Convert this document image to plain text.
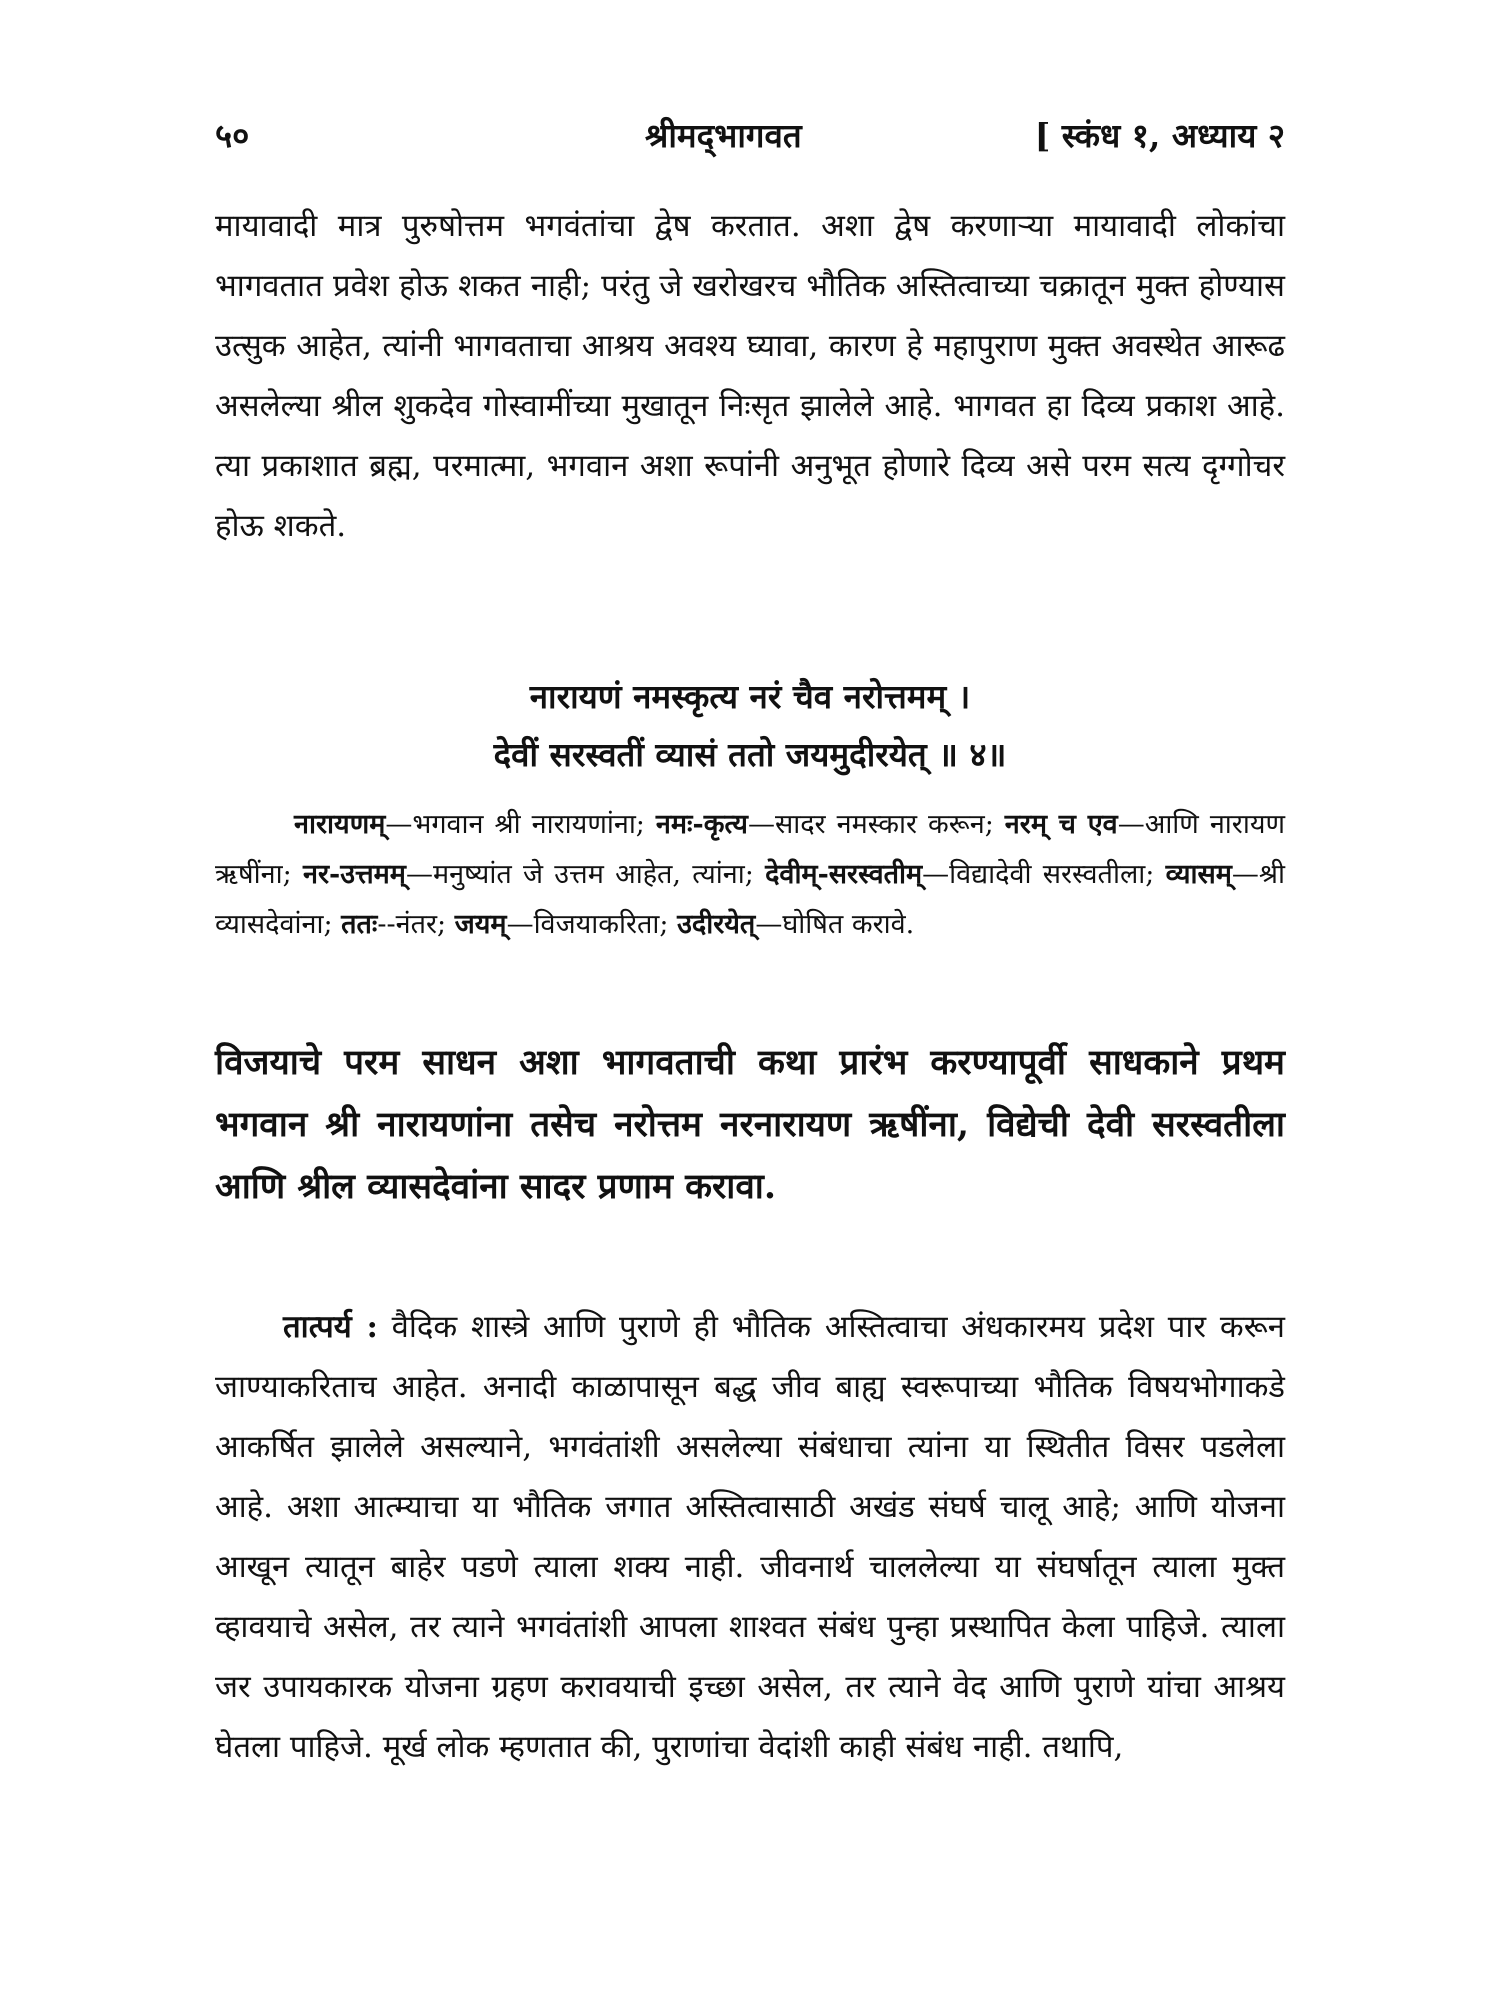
५०	श्रीमद्‌भागवत	[ स्कंध १, अध्याय २
मायावादी मात्र पुरुषोत्तम भगवंतांचा द्वेष करतात. अशा द्वेष करणाऱ्या मायावादी लोकांचा भागवतात प्रवेश होऊ शकत नाही; परंतु जे खरोखरच भौतिक अस्तित्वाच्या चक्रातून मुक्त होण्यास उत्सुक आहेत, त्यांनी भागवताचा आश्रय अवश्य घ्यावा, कारण हे महापुराण मुक्त अवस्थेत आरूढ असलेल्या श्रील शुकदेव गोस्वामींच्या मुखातून निःसृत झालेले आहे. भागवत हा दिव्य प्रकाश आहे. त्या प्रकाशात ब्रह्म, परमात्मा, भगवान अशा रूपांनी अनुभूत होणारे दिव्य असे परम सत्य दृग्गोचर होऊ शकते.
नारायणं नमस्कृत्य नरं चैव नरोत्तमम् ।
देवीं सरस्वतीं व्यासं ततो जयमुदीरयेत् ॥ ४॥
नारायणम्—भगवान श्री नारायणांना; नमः-कृत्य—सादर नमस्कार करून; नरम् च एव—आणि नारायण ऋषींना; नर-उत्तमम्—मनुष्यांत जे उत्तम आहेत, त्यांना; देवीम्-सरस्वतीम्—विद्यादेवी सरस्वतीला; व्यासम्—श्री व्यासदेवांना; ततः--नंतर; जयम्—विजयाकरिता; उदीरयेत्—घोषित करावे.
विजयाचे परम साधन अशा भागवताची कथा प्रारंभ करण्यापूर्वी साधकाने प्रथम भगवान श्री नारायणांना तसेच नरोत्तम नरनारायण ऋषींना, विद्येची देवी सरस्वतीला आणि श्रील व्यासदेवांना सादर प्रणाम करावा.
तात्पर्य : वैदिक शास्त्रे आणि पुराणे ही भौतिक अस्तित्वाचा अंधकारमय प्रदेश पार करून जाण्याकरिताच आहेत. अनादी काळापासून बद्ध जीव बाह्य स्वरूपाच्या भौतिक विषयभोगाकडे आकर्षित झालेले असल्याने, भगवंतांशी असलेल्या संबंधाचा त्यांना या स्थितीत विसर पडलेला आहे. अशा आत्म्याचा या भौतिक जगात अस्तित्वासाठी अखंड संघर्ष चालू आहे; आणि योजना आखून त्यातून बाहेर पडणे त्याला शक्य नाही. जीवनार्थ चाललेल्या या संघर्षातून त्याला मुक्त व्हावयाचे असेल, तर त्याने भगवंतांशी आपला शाश्वत संबंध पुन्हा प्रस्थापित केला पाहिजे. त्याला जर उपायकारक योजना ग्रहण करावयाची इच्छा असेल, तर त्याने वेद आणि पुराणे यांचा आश्रय घेतला पाहिजे. मूर्ख लोक म्हणतात की, पुराणांचा वेदांशी काही संबंध नाही. तथापि,
